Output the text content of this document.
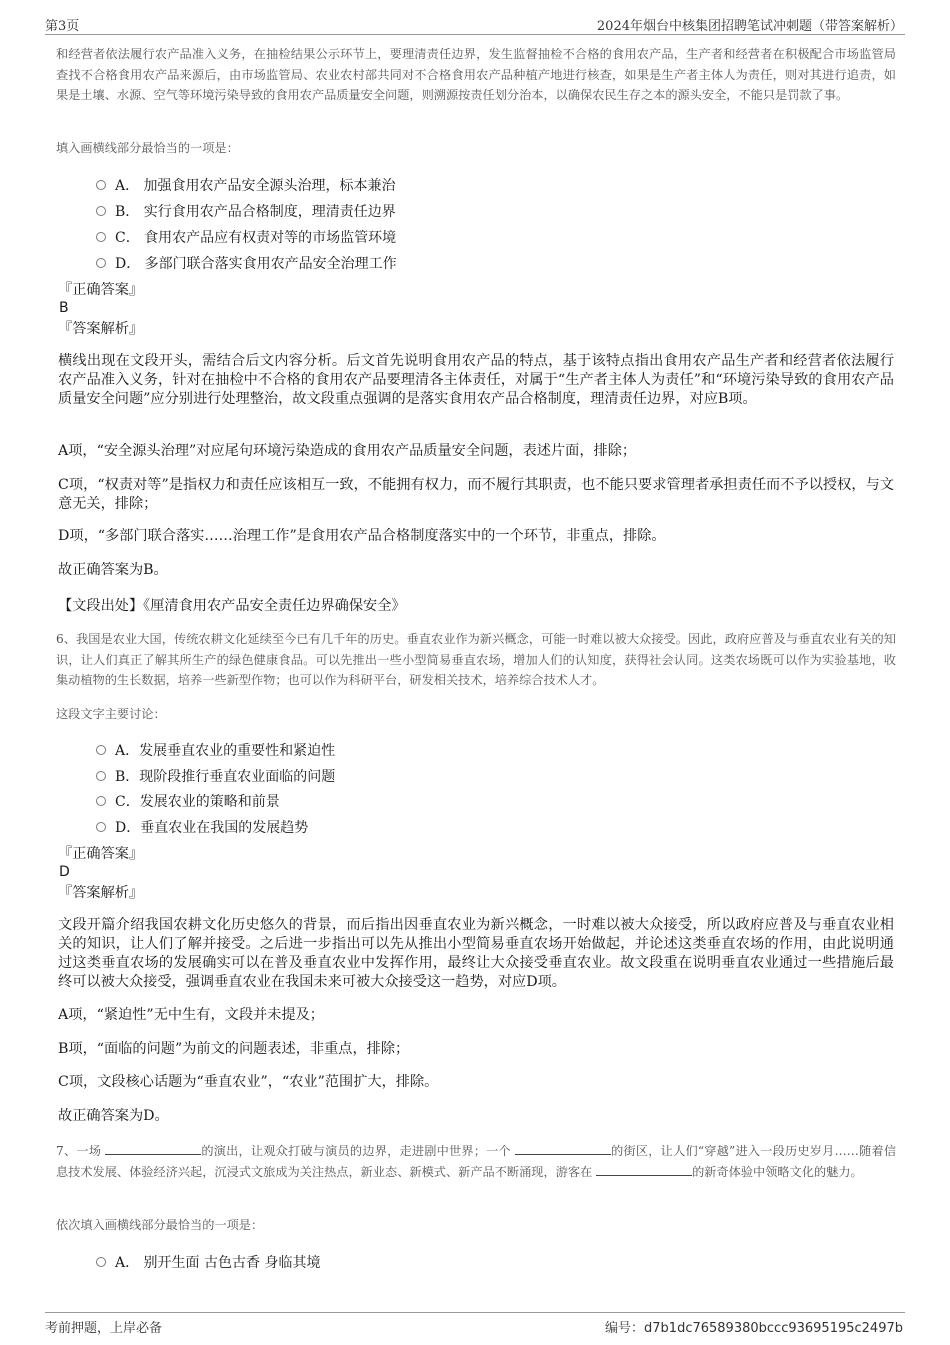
第3页	2024年烟台中核集团招聘笔试冲刺题（带答案解析）

和经营者依法履行农产品准入义务，在抽检结果公示环节上，要理清责任边界，发生监督抽检不合格的食用农产品，生产者和经营者在积极配合市场监管局查找不合格食用农产品来源后，由市场监管局、农业农村部共同对不合格食用农产品种植产地进行核查，如果是生产者主体人为责任，则对其进行追责，如果是土壤、水源、空气等环境污染导致的食用农产品质量安全问题，则溯源按责任划分治本，以确保农民生存之本的源头安全，不能只是罚款了事。

填入画横线部分最恰当的一项是：

A． 加强食用农产品安全源头治理，标本兼治
B． 实行食用农产品合格制度，理清责任边界
C． 食用农产品应有权责对等的市场监管环境
D． 多部门联合落实食用农产品安全治理工作

『正确答案』

B

『答案解析』

横线出现在文段开头，需结合后文内容分析。后文首先说明食用农产品的特点，基于该特点指出食用农产品生产者和经营者依法履行农产品准入义务，针对在抽检中不合格的食用农产品要理清各主体责任，对属于“生产者主体人为责任”和“环境污染导致的食用农产品质量安全问题”应分别进行处理整治，故文段重点强调的是落实食用农产品合格制度，理清责任边界，对应B项。

A项，“安全源头治理”对应尾句环境污染造成的食用农产品质量安全问题，表述片面，排除；

C项，“权责对等”是指权力和责任应该相互一致，不能拥有权力，而不履行其职责，也不能只要求管理者承担责任而不予以授权，与文意无关，排除；

D项，“多部门联合落实……治理工作”是食用农产品合格制度落实中的一个环节，非重点，排除。

故正确答案为B。

【文段出处】《厘清食用农产品安全责任边界确保安全》

6、我国是农业大国，传统农耕文化延续至今已有几千年的历史。垂直农业作为新兴概念，可能一时难以被大众接受。因此，政府应普及与垂直农业有关的知识，让人们真正了解其所生产的绿色健康食品。可以先推出一些小型简易垂直农场，增加人们的认知度，获得社会认同。这类农场既可以作为实验基地，收集动植物的生长数据，培养一些新型作物；也可以作为科研平台，研发相关技术，培养综合技术人才。

这段文字主要讨论：

A．发展垂直农业的重要性和紧迫性
B．现阶段推行垂直农业面临的问题
C．发展农业的策略和前景
D．垂直农业在我国的发展趋势

『正确答案』

D

『答案解析』

文段开篇介绍我国农耕文化历史悠久的背景，而后指出因垂直农业为新兴概念，一时难以被大众接受，所以政府应普及与垂直农业相关的知识，让人们了解并接受。之后进一步指出可以先从推出小型简易垂直农场开始做起，并论述这类垂直农场的作用，由此说明通过这类垂直农场的发展确实可以在普及垂直农业中发挥作用，最终让大众接受垂直农业。故文段重在说明垂直农业通过一些措施后最终可以被大众接受，强调垂直农业在我国未来可被大众接受这一趋势，对应D项。

A项，“紧迫性”无中生有，文段并未提及；

B项，“面临的问题”为前文的问题表述，非重点，排除；

C项，文段核心话题为“垂直农业”，“农业”范围扩大，排除。

故正确答案为D。

7、一场	的演出，让观众打破与演员的边界，走进剧中世界；一个	的街区，让人们“穿越”进入一段历史岁月……随着信息技术发展、体验经济兴起，沉浸式文旅成为关注热点，新业态、新模式、新产品不断涌现，游客在	的新奇体验中领略文化的魅力。

依次填入画横线部分最恰当的一项是：

A． 别开生面 古色古香 身临其境
考前押题，上岸必备	编号：d7b1dc76589380bccc93695195c2497b
